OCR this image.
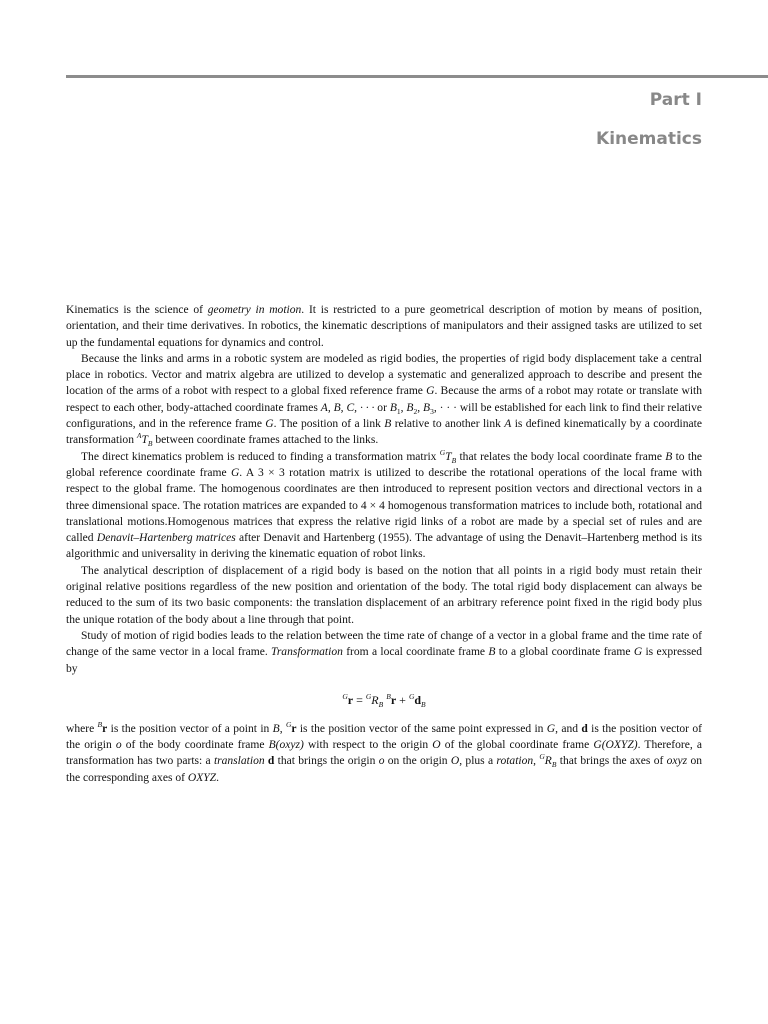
Part I
Kinematics

Kinematics is the science of geometry in motion. It is restricted to a pure geometrical description of motion by means of position, orientation, and their time derivatives. In robotics, the kinematic descriptions of manipulators and their assigned tasks are utilized to set up the fundamental equations for dynamics and control.

Because the links and arms in a robotic system are modeled as rigid bodies, the properties of rigid body displacement take a central place in robotics. Vector and matrix algebra are utilized to develop a systematic and generalized approach to describe and present the location of the arms of a robot with respect to a global fixed reference frame G. Because the arms of a robot may rotate or translate with respect to each other, body-attached coordinate frames A, B, C, · · · or $B_1$, $B_2$, $B_3$, · · · will be established for each link to find their relative configurations, and in the reference frame G. The position of a link B relative to another link A is defined kinematically by a coordinate transformation $^AT_B$ between coordinate frames attached to the links.

The direct kinematics problem is reduced to finding a transformation matrix $^GT_B$ that relates the body local coordinate frame B to the global reference coordinate frame G. A 3 × 3 rotation matrix is utilized to describe the rotational operations of the local frame with respect to the global frame. The homogenous coordinates are then introduced to represent position vectors and directional vectors in a three dimensional space. The rotation matrices are expanded to 4 × 4 homogenous transformation matrices to include both, rotational and translational motions.Homogenous matrices that express the relative rigid links of a robot are made by a special set of rules and are called Denavit–Hartenberg matrices after Denavit and Hartenberg (1955). The advantage of using the Denavit–Hartenberg method is its algorithmic and universality in deriving the kinematic equation of robot links.

The analytical description of displacement of a rigid body is based on the notion that all points in a rigid body must retain their original relative positions regardless of the new position and orientation of the body. The total rigid body displacement can always be reduced to the sum of its two basic components: the translation displacement of an arbitrary reference point fixed in the rigid body plus the unique rotation of the body about a line through that point.

Study of motion of rigid bodies leads to the relation between the time rate of change of a vector in a global frame and the time rate of change of the same vector in a local frame. Transformation from a local coordinate frame B to a global coordinate frame G is expressed by

$^Gr = ^GR_B$ $^Br + ^Gd_B$

where $^B$r is the position vector of a point in B, $^G$r is the position vector of the same point expressed in G, and d is the position vector of the origin o of the body coordinate frame B(oxyz) with respect to the origin O of the global coordinate frame G(OXYZ). Therefore, a transformation has two parts: a translation d that brings the origin o on the origin O, plus a rotation, $^GR_B$ that brings the axes of oxyz on the corresponding axes of OXYZ.
